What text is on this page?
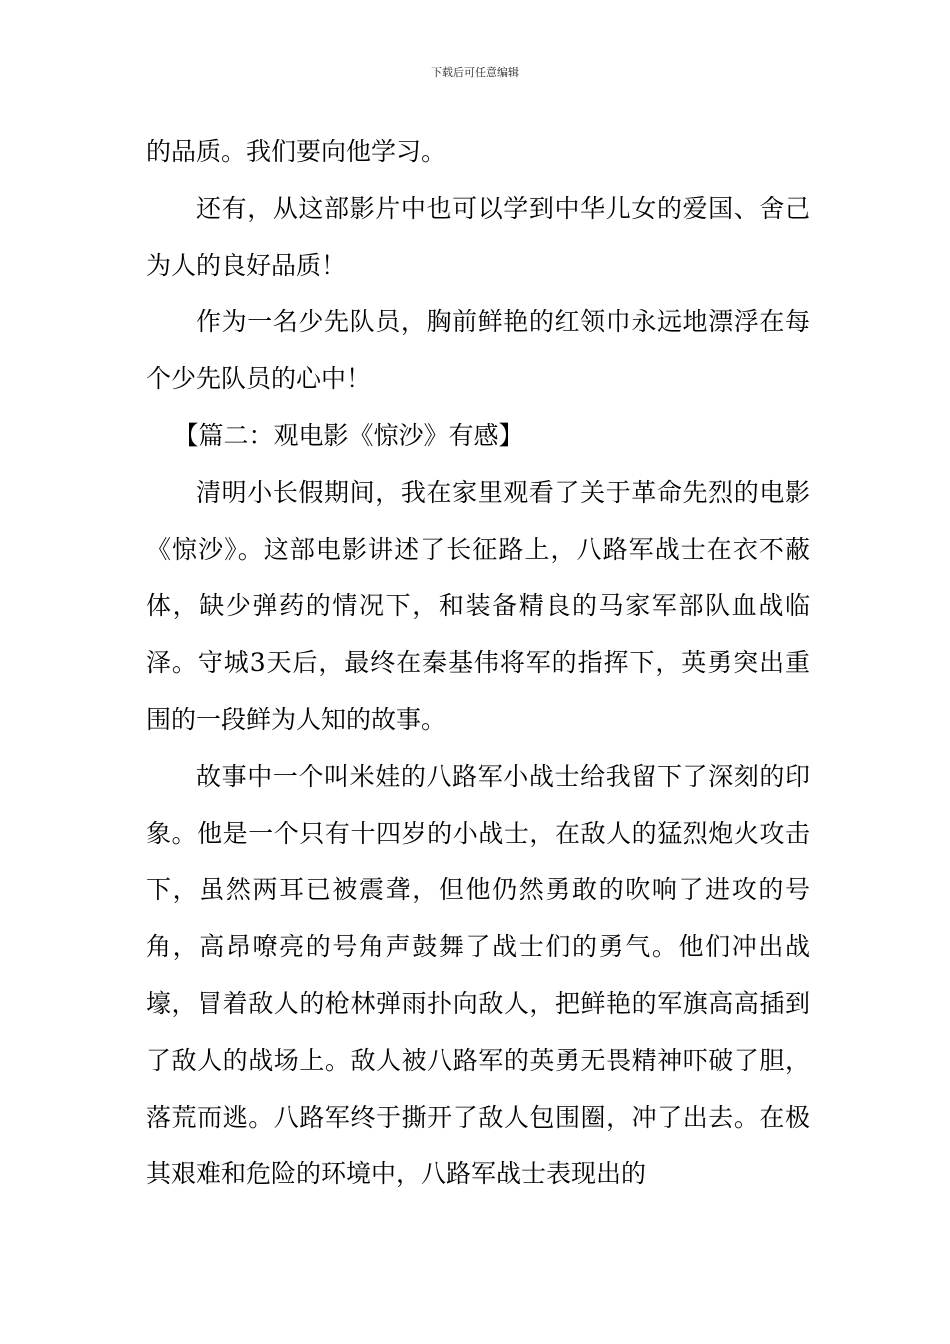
下载后可任意编辑

的品质。我们要向他学习。

还有，从这部影片中也可以学到中华儿女的爱国、舍己为人的良好品质！

作为一名少先队员，胸前鲜艳的红领巾永远地漂浮在每个少先队员的心中！

【篇二：观电影《惊沙》有感】

清明小长假期间，我在家里观看了关于革命先烈的电影《惊沙》。这部电影讲述了长征路上，八路军战士在衣不蔽体，缺少弹药的情况下，和装备精良的马家军部队血战临泽。守城3天后，最终在秦基伟将军的指挥下，英勇突出重围的一段鲜为人知的故事。

故事中一个叫米娃的八路军小战士给我留下了深刻的印象。他是一个只有十四岁的小战士，在敌人的猛烈炮火攻击下，虽然两耳已被震聋，但他仍然勇敢的吹响了进攻的号角，高昂嘹亮的号角声鼓舞了战士们的勇气。他们冲出战壕，冒着敌人的枪林弹雨扑向敌人，把鲜艳的军旗高高插到了敌人的战场上。敌人被八路军的英勇无畏精神吓破了胆，落荒而逃。八路军终于撕开了敌人包围圈，冲了出去。在极其艰难和危险的环境中，八路军战士表现出的
